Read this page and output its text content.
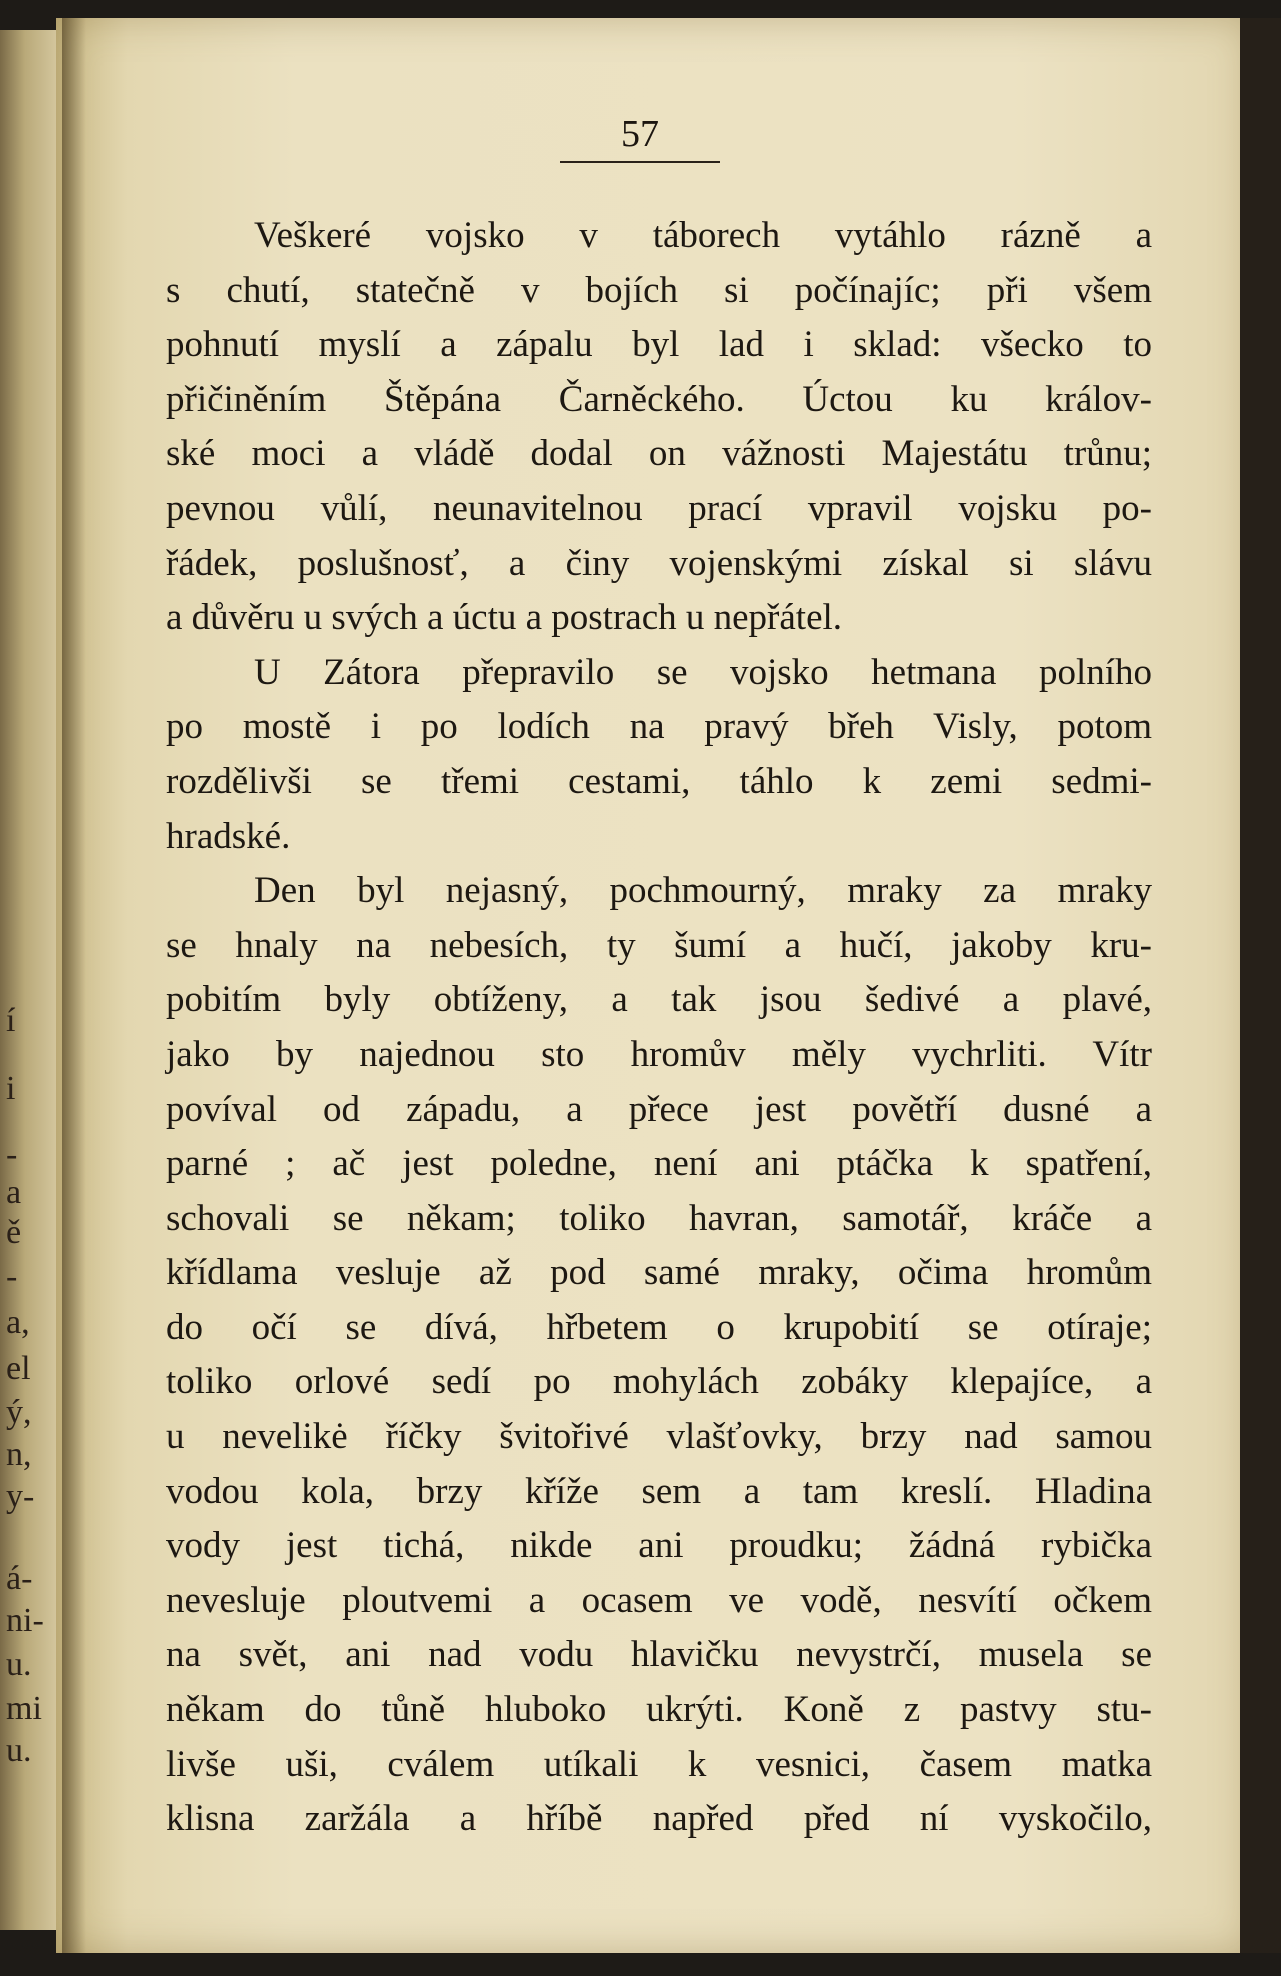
í
i
-
a
ě
-
a,
el
ý,
n,
y-
á-
ni-
u.
mi
u.
57
Veškeré vojsko v táborech vytáhlo rázně a
s chutí, statečně v bojích si počínajíc; při všem
pohnutí myslí a zápalu byl lad i sklad: všecko to
přičiněním Štěpána Čarněckého. Úctou ku králov-
ské moci a vládě dodal on vážnosti Majestátu trůnu;
pevnou vůlí, neunavitelnou prací vpravil vojsku po-
řádek, poslušnosť, a činy vojenskými získal si slávu
a důvěru u svých a úctu a postrach u nepřátel.
U Zátora přepravilo se vojsko hetmana polního
po mostě i po lodích na pravý břeh Visly, potom
rozdělivši se třemi cestami, táhlo k zemi sedmi-
hradské.
Den byl nejasný, pochmourný, mraky za mraky
se hnaly na nebesích, ty šumí a hučí, jakoby kru-
pobitím byly obtíženy, a tak jsou šedivé a plavé,
jako by najednou sto hromův měly vychrliti. Vítr
povíval od západu, a přece jest povětří dusné a
parné ; ač jest poledne, není ani ptáčka k spatření,
schovali se někam; toliko havran, samotář, kráče a
křídlama vesluje až pod samé mraky, očima hromům
do očí se dívá, hřbetem o krupobití se otíraje;
toliko orlové sedí po mohylách zobáky klepajíce, a
u nevelikė říčky švitořivé vlašťovky, brzy nad samou
vodou kola, brzy kříže sem a tam kreslí. Hladina
vody jest tichá, nikde ani proudku; žádná rybička
nevesluje ploutvemi a ocasem ve vodě, nesvítí očkem
na svět, ani nad vodu hlavičku nevystrčí, musela se
někam do tůně hluboko ukrýti. Koně z pastvy stu-
livše uši, cválem utíkali k vesnici, časem matka
klisna zaržála a hříbě napřed před ní vyskočilo,
